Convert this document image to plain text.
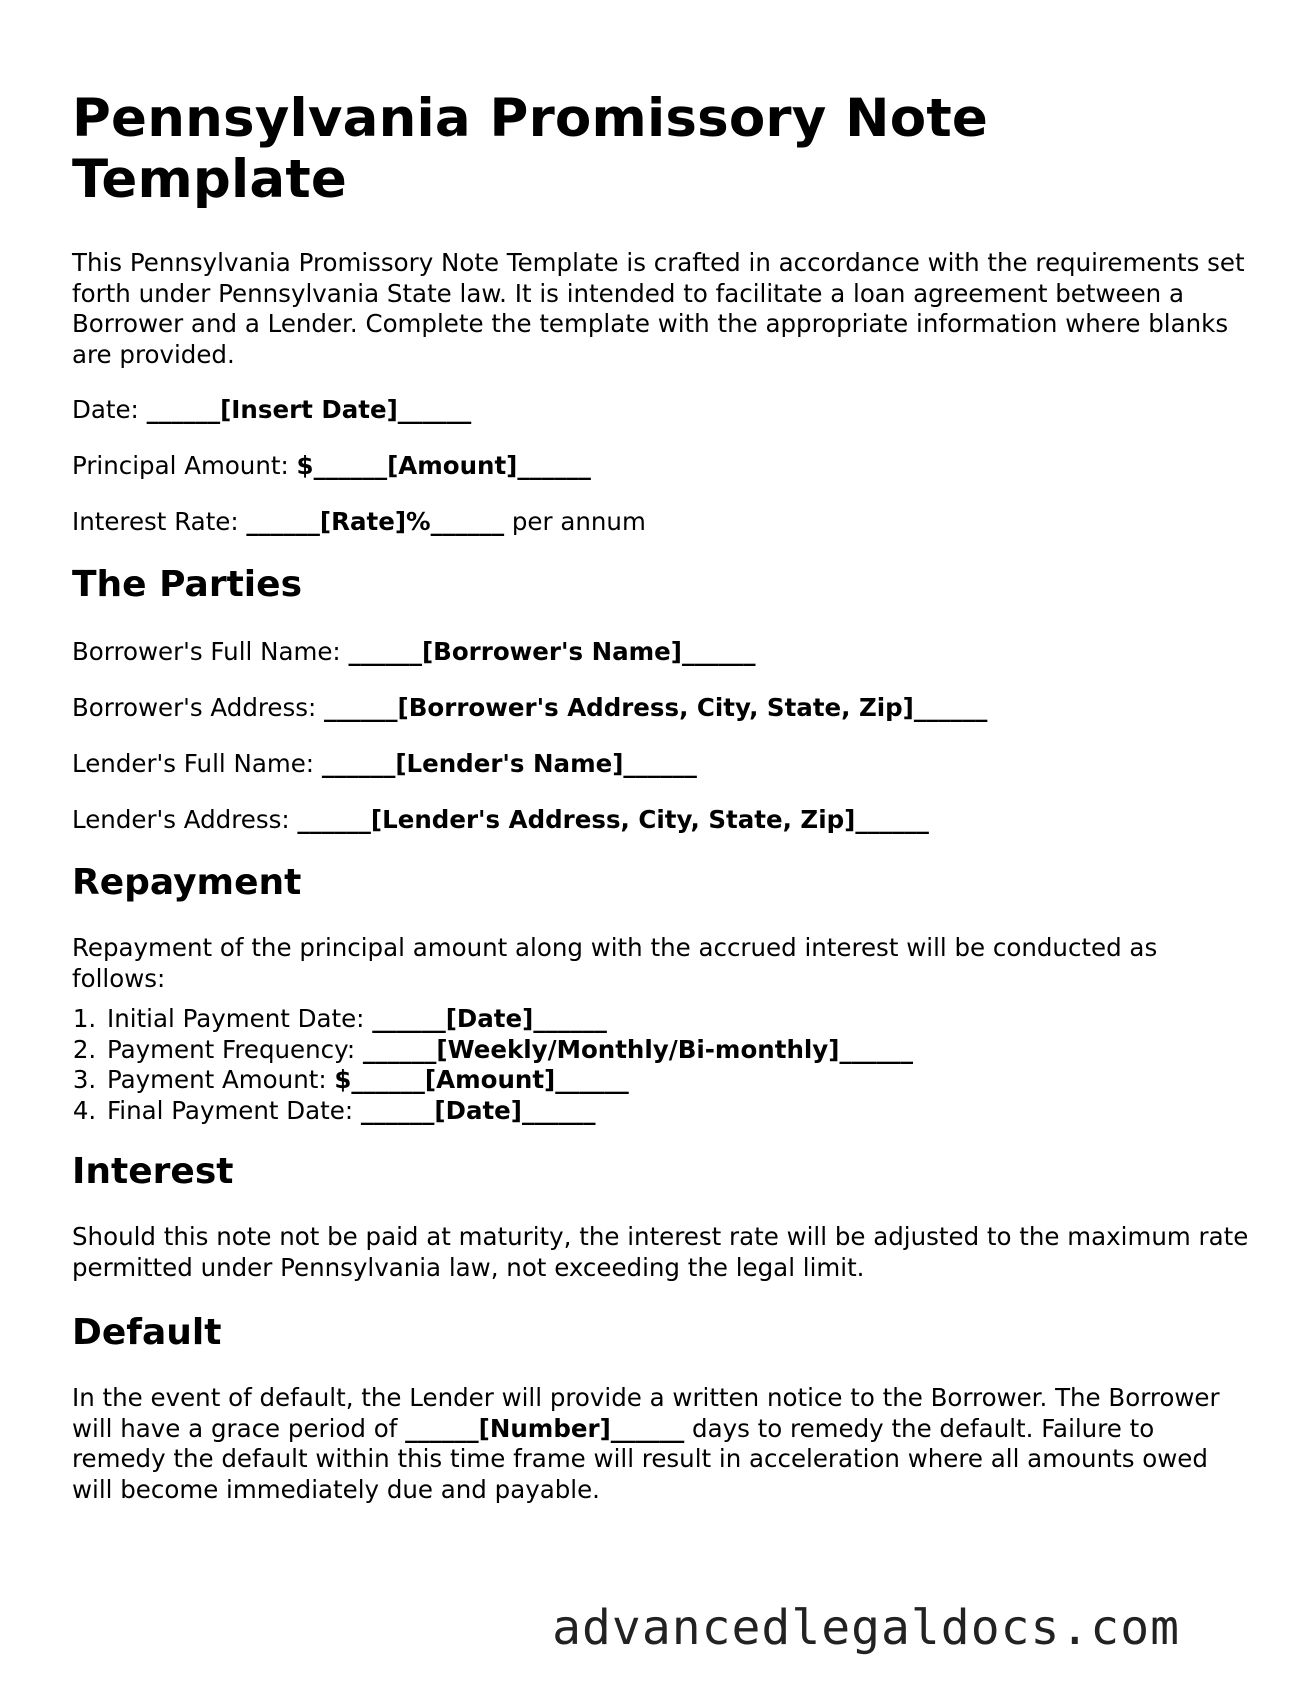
Pennsylvania Promissory Note Template

This Pennsylvania Promissory Note Template is crafted in accordance with the requirements set forth under Pennsylvania State law. It is intended to facilitate a loan agreement between a Borrower and a Lender. Complete the template with the appropriate information where blanks are provided.

Date: ______[Insert Date]______
Principal Amount: $______[Amount]______
Interest Rate: ______[Rate]%______ per annum
The Parties
Borrower's Full Name: ______[Borrower's Name]______
Borrower's Address: ______[Borrower's Address, City, State, Zip]______
Lender's Full Name: ______[Lender's Name]______
Lender's Address: ______[Lender's Address, City, State, Zip]______
Repayment

Repayment of the principal amount along with the accrued interest will be conducted as follows:

1. Initial Payment Date: ______[Date]______
2. Payment Frequency: ______[Weekly/Monthly/Bi-monthly]______
3. Payment Amount: $______[Amount]______
4. Final Payment Date: ______[Date]______
Interest

Should this note not be paid at maturity, the interest rate will be adjusted to the maximum rate permitted under Pennsylvania law, not exceeding the legal limit.

Default

In the event of default, the Lender will provide a written notice to the Borrower. The Borrower will have a grace period of ______[Number]______ days to remedy the default. Failure to remedy the default within this time frame will result in acceleration where all amounts owed will become immediately due and payable.

advancedlegaldocs.com
